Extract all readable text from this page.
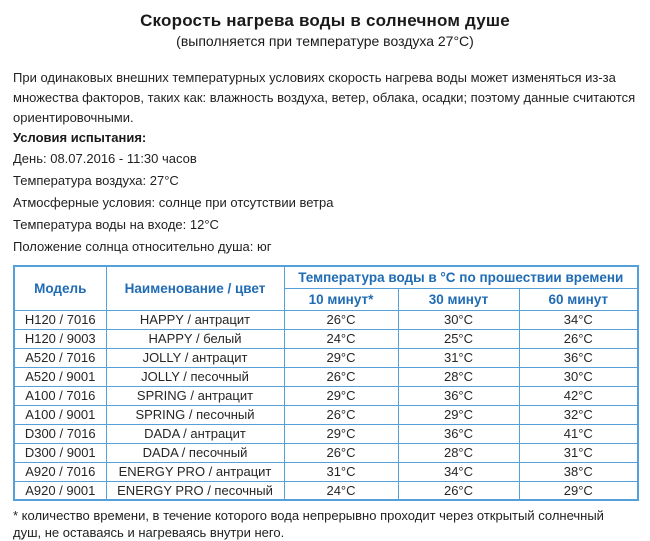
Скорость нагрева воды в солнечном душе
(выполняется при температуре воздуха 27°C)

При одинаковых внешних температурных условиях скорость нагрева воды может изменяться из-за множества факторов, таких как: влажность воздуха, ветер, облака, осадки; поэтому данные считаются ориентировочными.

Условия испытания:

День: 08.07.2016 - 11:30 часов
Температура воздуха: 27°C
Атмосферные условия: солнце при отсутствии ветра
Температура воды на входе: 12°C
Положение солнца относительно душа: юг
Модель	Наименование / цвет	Температура воды в °C по прошествии времени		
		10 минут*	30 минут	60 минут
H120 / 7016	HAPPY / антрацит	26°C	30°C	34°C
H120 / 9003	HAPPY / белый	24°C	25°C	26°C
A520 / 7016	JOLLY / антрацит	29°C	31°C	36°C
A520 / 9001	JOLLY / песочный	26°C	28°C	30°C
A100 / 7016	SPRING / антрацит	29°C	36°C	42°C
A100 / 9001	SPRING / песочный	26°C	29°C	32°C
D300 / 7016	DADA / антрацит	29°C	36°C	41°C
D300 / 9001	DADA / песочный	26°C	28°C	31°C
A920 / 7016	ENERGY PRO / антрацит	31°C	34°C	38°C
A920 / 9001	ENERGY PRO / песочный	24°C	26°C	29°C

* количество времени, в течение которого вода непрерывно проходит через открытый солнечный душ, не оставаясь и нагреваясь внутри него.
